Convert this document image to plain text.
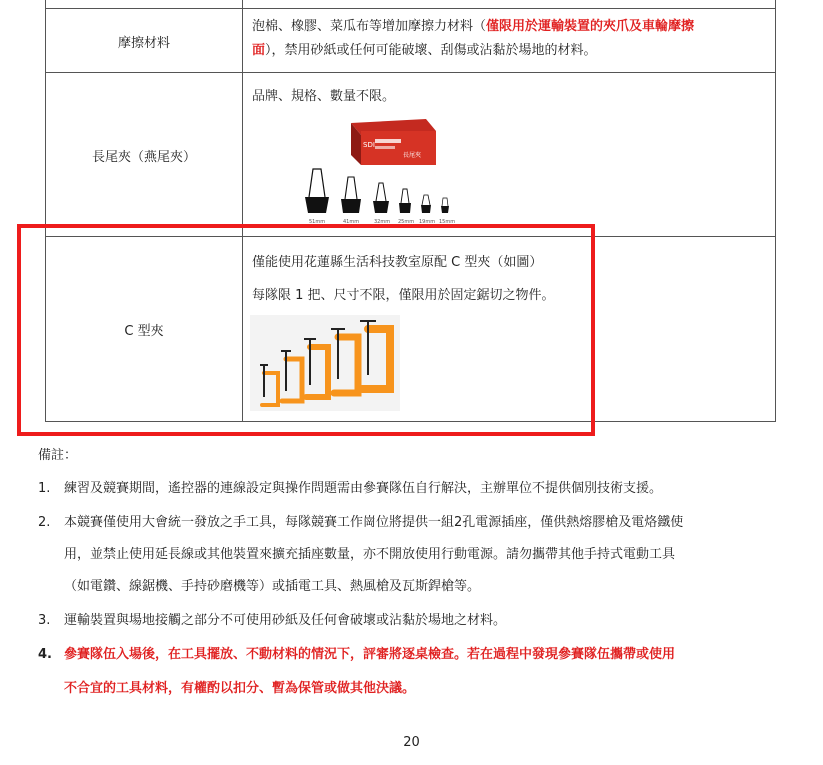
摩擦材料
泡棉、橡膠、菜瓜布等增加摩擦力材料（僅限用於運輸裝置的夾爪及車輪摩擦
面），禁用砂紙或任何可能破壞、刮傷或沾黏於場地的材料。
長尾夾（燕尾夾）
品牌、規格、數量不限。
SDI
長尾夾
51mm	41mm	32mm 25mm 19mm 15mm
C 型夾
僅能使用花蓮縣生活科技教室原配 C 型夾（如圖）
每隊限 1 把、尺寸不限，僅限用於固定鋸切之物件。
備註：
1. 練習及競賽期間，遙控器的連線設定與操作問題需由參賽隊伍自行解決，主辦單位不提供個別技術支援。
2. 本競賽僅使用大會統一發放之手工具，每隊競賽工作崗位將提供一組2孔電源插座，僅供熱熔膠槍及電烙鐵使
用，並禁止使用延長線或其他裝置來擴充插座數量，亦不開放使用行動電源。請勿攜帶其他手持式電動工具
（如電鑽、線鋸機、手持砂磨機等）或插電工具、熱風槍及瓦斯銲槍等。
3. 運輸裝置與場地接觸之部分不可使用砂紙及任何會破壞或沾黏於場地之材料。
4. 參賽隊伍入場後，在工具擺放、不動材料的情況下，評審將逐桌檢查。若在過程中發現參賽隊伍攜帶或使用
不合宜的工具材料，有權酌以扣分、暫為保管或做其他決議。
20
